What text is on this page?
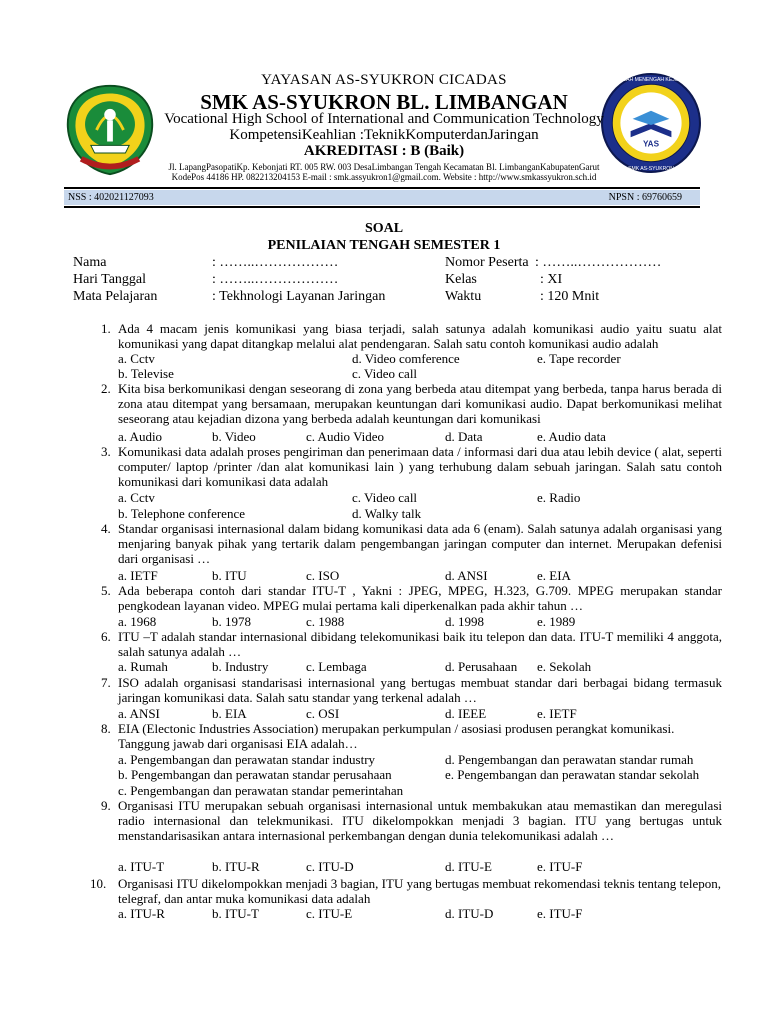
YAS
SEKOLAH MENENGAH KEJURUAN
SMK AS-SYUKRON
YAYASAN AS-SYUKRON CICADAS
SMK AS-SYUKRON BL. LIMBANGAN
Vocational High School of International and Communication Technology
KompetensiKeahlian :TeknikKomputerdanJaringan
AKREDITASI : B (Baik)
Jl. LapangPasopatiKp. Kebonjati RT. 005 RW. 003 DesaLimbangan Tengah Kecamatan Bl. LimbanganKabupatenGarut
KodePos 44186 HP. 082213204153 E-mail : smk.assyukron1@gmail.com. Website : http://www.smkassyukron.sch.id
NSS : 402021127093	NPSN : 69760659
SOAL
PENILAIAN TENGAH SEMESTER 1
Nama	: ……..………………
Hari Tanggal	: ……..………………
Mata Pelajaran	: Tekhnologi Layanan Jaringan
Nomor Peserta : ……..………………
Kelas	: XI
Waktu	: 120 Mnit
1. Ada 4 macam jenis komunikasi yang biasa terjadi, salah satunya adalah komunikasi audio yaitu suatu alat komunikasi yang dapat ditangkap melalui alat pendengaran. Salah satu contoh komunikasi audio adalah
a. Cctv	d. Video comference	e. Tape recorder
b. Televise	c. Video call
2. Kita bisa berkomunikasi dengan seseorang di zona yang berbeda atau ditempat yang berbeda, tanpa harus berada di zona atau ditempat yang bersamaan, merupakan keuntungan dari komunikasi audio. Dapat berkomunikasi melihat seseorang atau kejadian dizona yang berbeda adalah keuntungan dari komunikasi
a. Audio	b. Video	c. Audio Video	d. Data	e. Audio data
3. Komunikasi data adalah proses pengiriman dan penerimaan data / informasi dari dua atau lebih device ( alat, seperti computer/ laptop /printer /dan alat komunikasi lain ) yang terhubung dalam sebuah jaringan. Salah satu contoh komunikasi dari komunikasi data adalah
a. Cctv	c. Video call	e. Radio
b. Telephone conference	d. Walky talk
4. Standar organisasi internasional dalam bidang komunikasi data ada 6 (enam). Salah satunya adalah organisasi yang menjaring banyak pihak yang tertarik dalam pengembangan jaringan computer dan internet. Merupakan defenisi dari organisasi …
a. IETF	b. ITU	c. ISO	d. ANSI	e. EIA
5. Ada beberapa contoh dari standar ITU-T , Yakni : JPEG, MPEG, H.323, G.709. MPEG merupakan standar pengkodean layanan video. MPEG mulai pertama kali diperkenalkan pada akhir tahun …
a. 1968	b. 1978	c. 1988	d. 1998	e. 1989
6. ITU –T adalah standar internasional dibidang telekomunikasi baik itu telepon dan data. ITU-T memiliki 4 anggota, salah satunya adalah …
a. Rumah	b. Industry	c. Lembaga	d. Perusahaan e. Sekolah
7. ISO adalah organisasi standarisasi internasional yang bertugas membuat standar dari berbagai bidang termasuk jaringan komunikasi data. Salah satu standar yang terkenal adalah …
a. ANSI	b. EIA	c. OSI	d. IEEE	e. IETF
8. EIA (Electonic Industries Association) merupakan perkumpulan / asosiasi produsen perangkat komunikasi. Tanggung jawab dari organisasi EIA adalah…
a. Pengembangan dan perawatan standar industry	d. Pengembangan dan perawatan standar rumah
b. Pengembangan dan perawatan standar perusahaan	e. Pengembangan dan perawatan standar sekolah
c. Pengembangan dan perawatan standar pemerintahan
9. Organisasi ITU merupakan sebuah organisasi internasional untuk membakukan atau memastikan dan meregulasi radio internasional dan telekmunikasi. ITU dikelompokkan menjadi 3 bagian. ITU yang bertugas untuk menstandarisasikan antara internasional perkembangan dengan dunia telekomunikasi adalah …
a. ITU-T	b. ITU-R	c. ITU-D	d. ITU-E	e. ITU-F
10. Organisasi ITU dikelompokkan menjadi 3 bagian, ITU yang bertugas membuat rekomendasi teknis tentang telepon, telegraf, dan antar muka komunikasi data adalah
a. ITU-R	b. ITU-T	c. ITU-E	d. ITU-D	e. ITU-F
